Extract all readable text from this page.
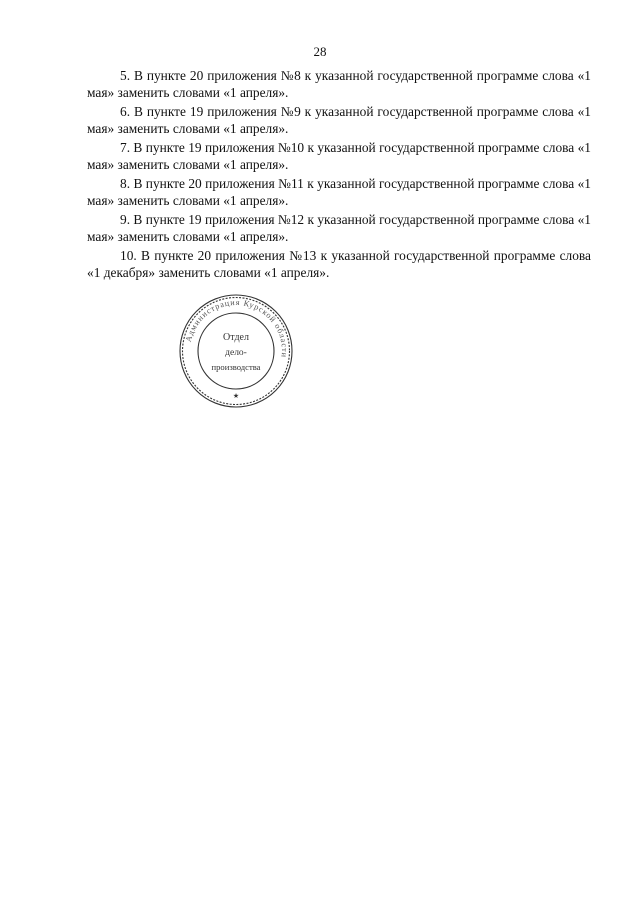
28

5. В пункте 20 приложения №8 к указанной государственной программе слова «1 мая» заменить словами «1 апреля».

6. В пункте 19 приложения №9 к указанной государственной программе слова «1 мая» заменить словами «1 апреля».

7. В пункте 19 приложения №10 к указанной государственной программе слова «1 мая» заменить словами «1 апреля».

8. В пункте 20 приложения №11 к указанной государственной программе слова «1 мая» заменить словами «1 апреля».

9. В пункте 19 приложения №12 к указанной государственной программе слова «1 мая» заменить словами «1 апреля».

10. В пункте 20 приложения №13 к указанной государственной программе слова «1 декабря» заменить словами «1 апреля».

Администрация Курской области
Отдел
дело-
производства
★
